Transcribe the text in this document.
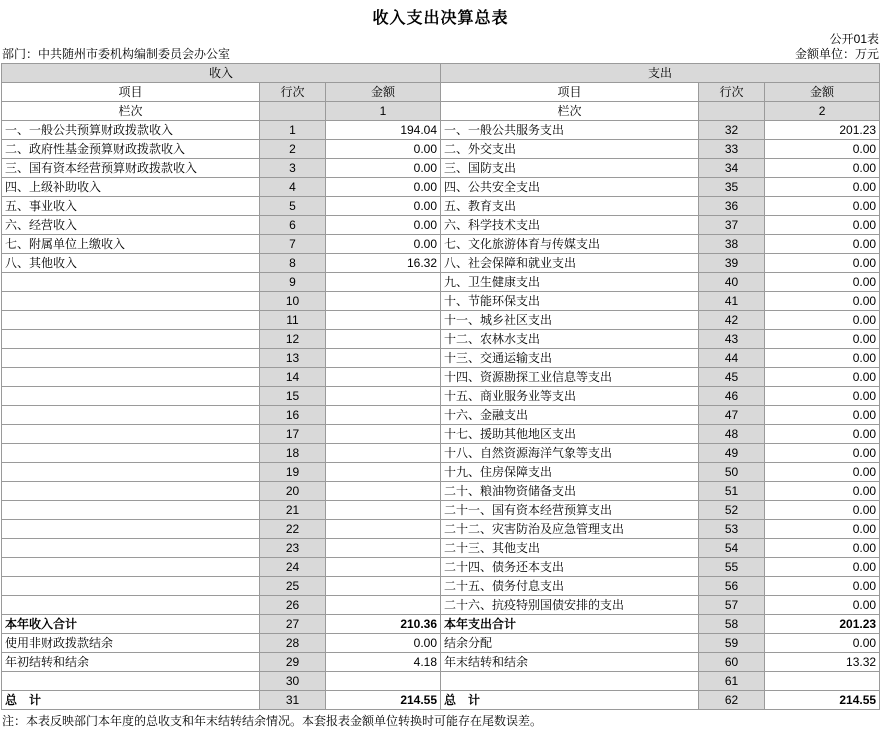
收入支出决算总表
部门：中共随州市委机构编制委员会办公室
公开01表
金额单位：万元
收入			支出		
项目	行次	金额	项目	行次	金额
栏次		1	栏次		2
一、一般公共预算财政拨款收入	1	194.04	一、一般公共服务支出	32	201.23
二、政府性基金预算财政拨款收入	2	0.00	二、外交支出	33	0.00
三、国有资本经营预算财政拨款收入	3	0.00	三、国防支出	34	0.00
四、上级补助收入	4	0.00	四、公共安全支出	35	0.00
五、事业收入	5	0.00	五、教育支出	36	0.00
六、经营收入	6	0.00	六、科学技术支出	37	0.00
七、附属单位上缴收入	7	0.00	七、文化旅游体育与传媒支出	38	0.00
八、其他收入	8	16.32	八、社会保障和就业支出	39	0.00
	9		九、卫生健康支出	40	0.00
	10		十、节能环保支出	41	0.00
	11		十一、城乡社区支出	42	0.00
	12		十二、农林水支出	43	0.00
	13		十三、交通运输支出	44	0.00
	14		十四、资源勘探工业信息等支出	45	0.00
	15		十五、商业服务业等支出	46	0.00
	16		十六、金融支出	47	0.00
	17		十七、援助其他地区支出	48	0.00
	18		十八、自然资源海洋气象等支出	49	0.00
	19		十九、住房保障支出	50	0.00
	20		二十、粮油物资储备支出	51	0.00
	21		二十一、国有资本经营预算支出	52	0.00
	22		二十二、灾害防治及应急管理支出	53	0.00
	23		二十三、其他支出	54	0.00
	24		二十四、债务还本支出	55	0.00
	25		二十五、债务付息支出	56	0.00
	26		二十六、抗疫特别国债安排的支出	57	0.00
本年收入合计	27	210.36	本年支出合计	58	201.23
使用非财政拨款结余	28	0.00	结余分配	59	0.00
年初结转和结余	29	4.18	年末结转和结余	60	13.32
	30			61	
总　计	31	214.55	总　计	62	214.55
注：本表反映部门本年度的总收支和年末结转结余情况。本套报表金额单位转换时可能存在尾数误差。
